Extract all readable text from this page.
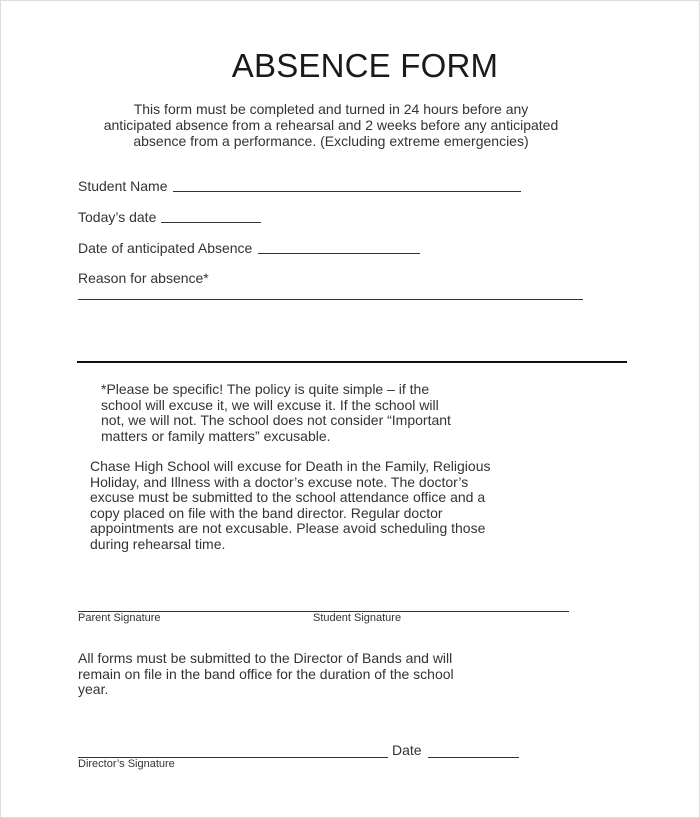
ABSENCE FORM
This form must be completed and turned in 24 hours before any
anticipated absence from a rehearsal and 2 weeks before any anticipated
absence from a performance. (Excluding extreme emergencies)
Student Name
Today’s date
Date of anticipated Absence
Reason for absence*
*Please be specific! The policy is quite simple – if the
school will excuse it, we will excuse it. If the school will
not, we will not. The school does not consider “Important
matters or family matters” excusable.
Chase High School will excuse for Death in the Family, Religious
Holiday, and Illness with a doctor’s excuse note. The doctor’s
excuse must be submitted to the school attendance office and a
copy placed on file with the band director. Regular doctor
appointments are not excusable. Please avoid scheduling those
during rehearsal time.
Parent Signature	Student Signature
All forms must be submitted to the Director of Bands and will
remain on file in the band office for the duration of the school
year.
Director’s Signature
Date
